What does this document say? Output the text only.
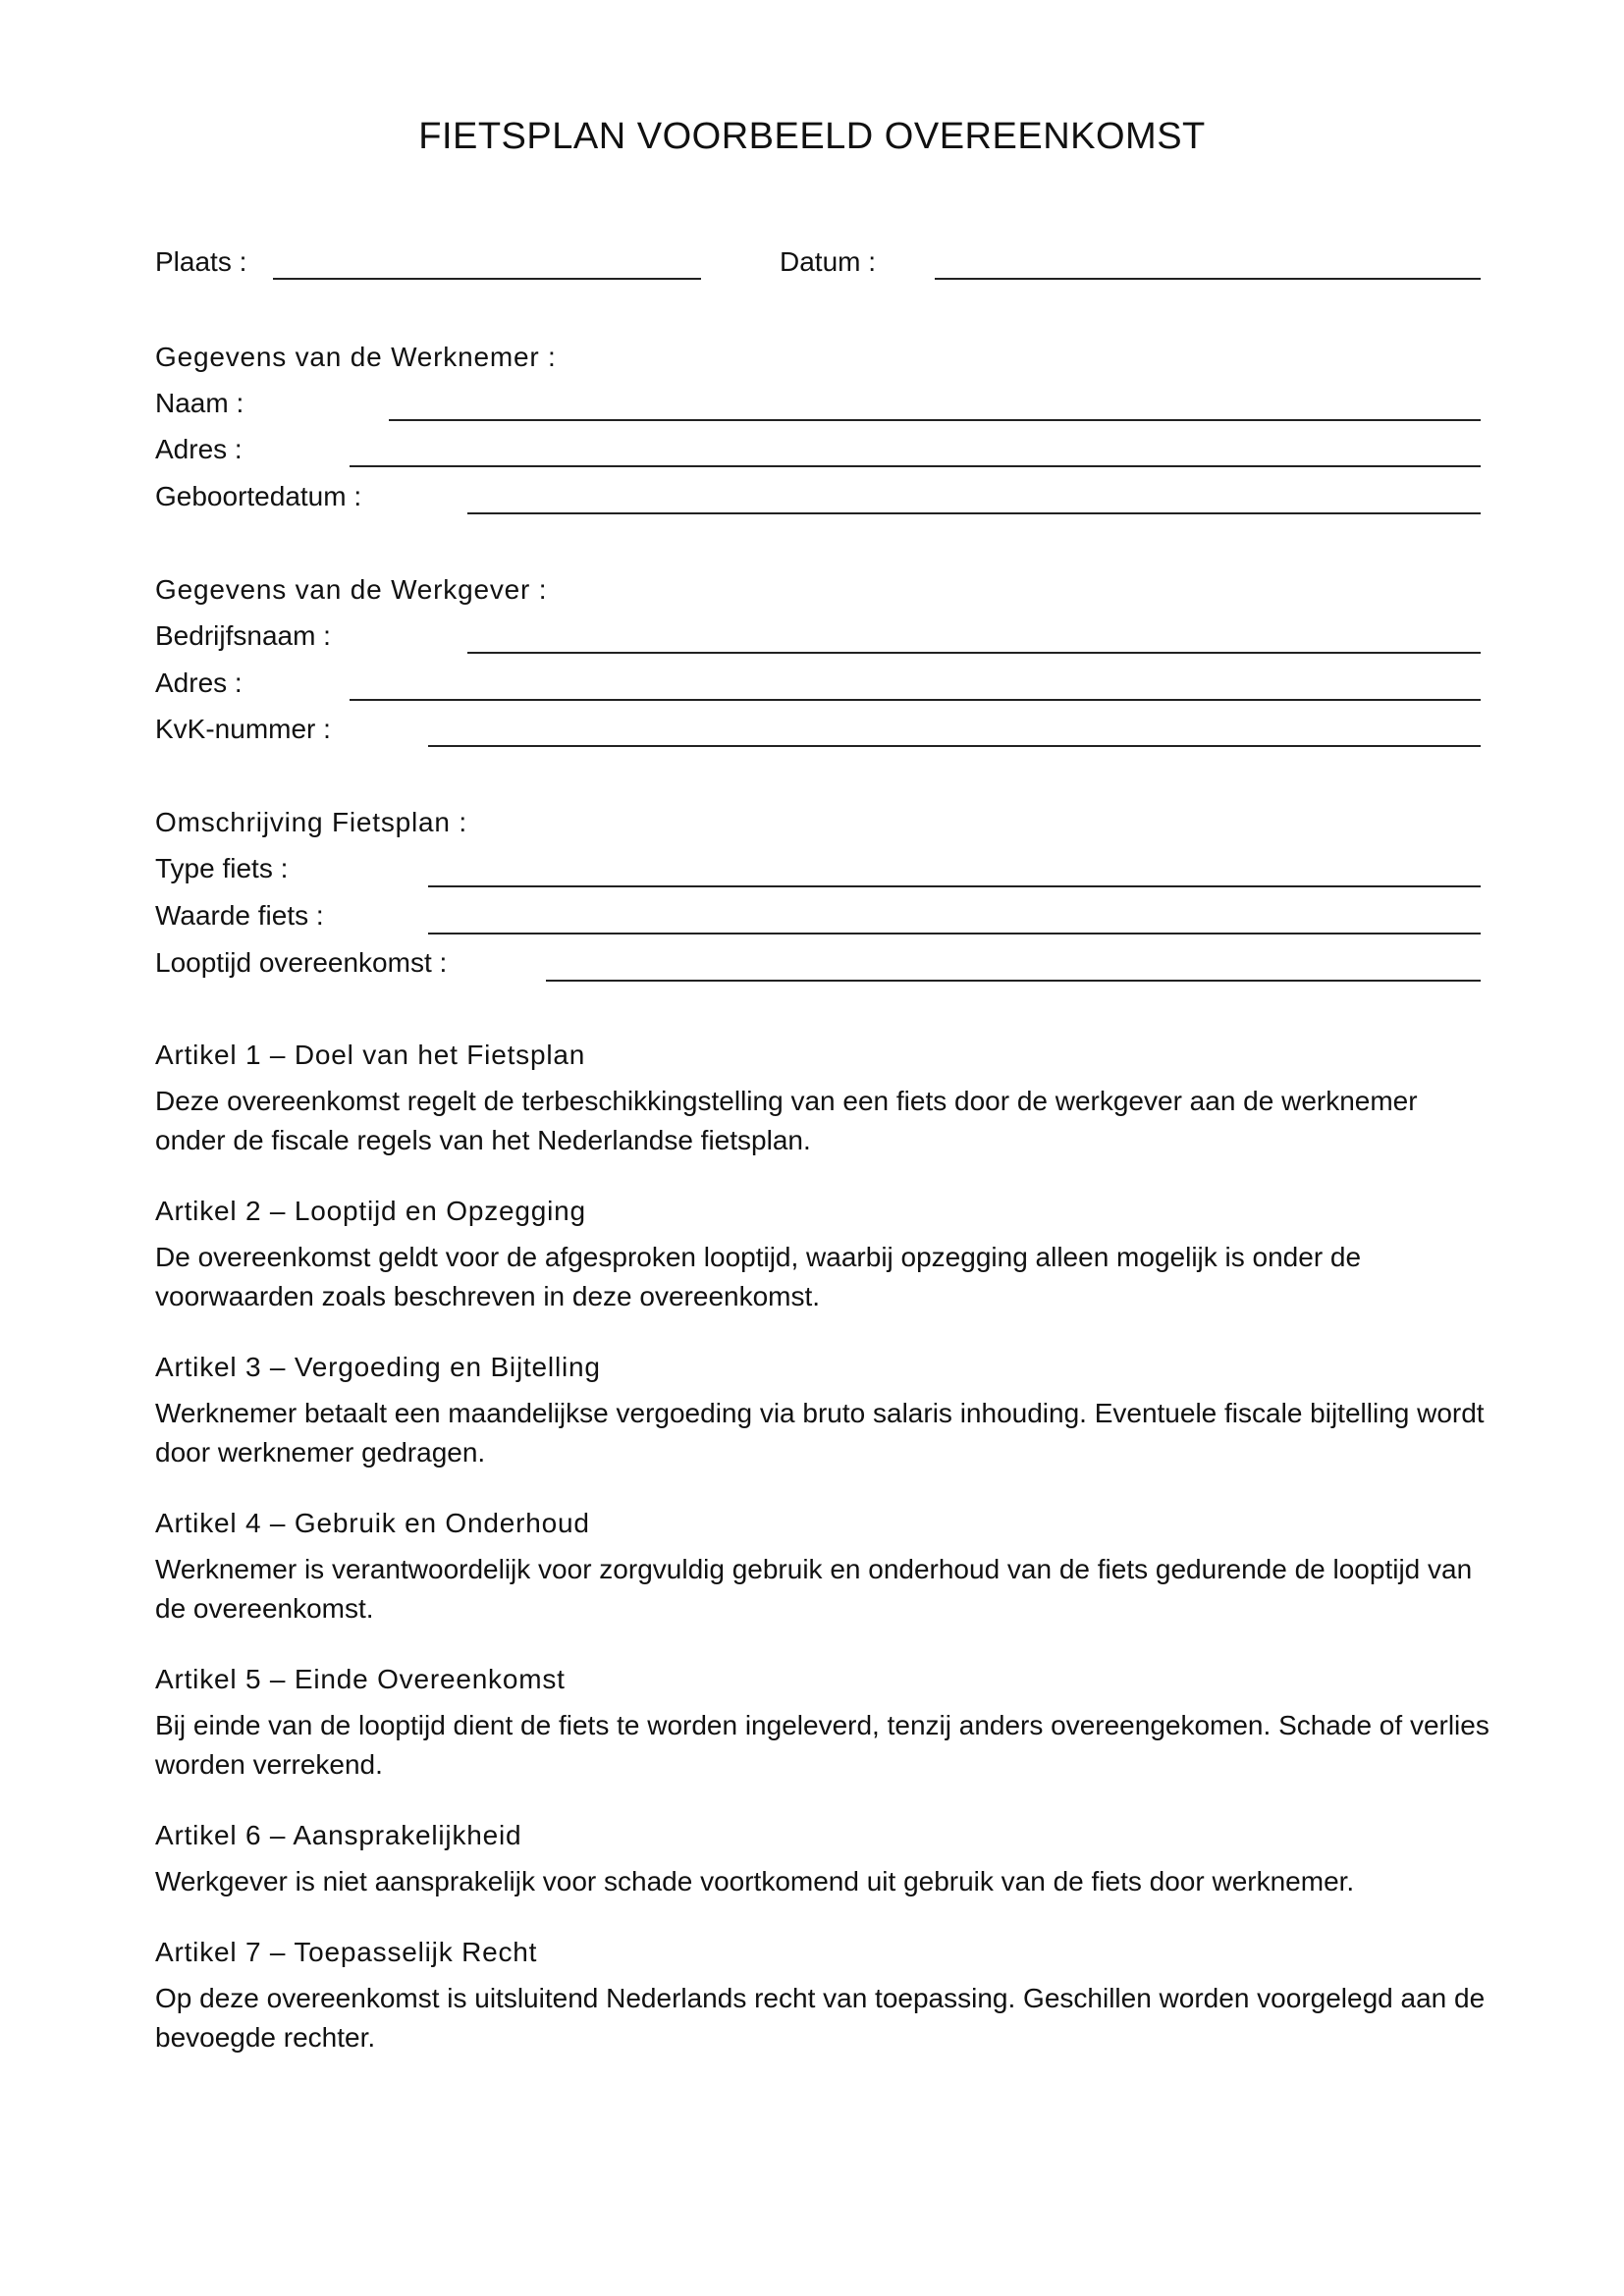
FIETSPLAN VOORBEELD OVEREENKOMST
Plaats :	Datum :
Gegevens van de Werknemer :
Naam :
Adres :
Geboortedatum :
Gegevens van de Werkgever :
Bedrijfsnaam :
Adres :
KvK-nummer :
Omschrijving Fietsplan :
Type fiets :
Waarde fiets :
Looptijd overeenkomst :
Artikel 1 – Doel van het Fietsplan

Deze overeenkomst regelt de terbeschikkingstelling van een fiets door de werkgever aan de werknemer onder de fiscale regels van het Nederlandse fietsplan.

Artikel 2 – Looptijd en Opzegging

De overeenkomst geldt voor de afgesproken looptijd, waarbij opzegging alleen mogelijk is onder de voorwaarden zoals beschreven in deze overeenkomst.

Artikel 3 – Vergoeding en Bijtelling

Werknemer betaalt een maandelijkse vergoeding via bruto salaris inhouding. Eventuele fiscale bijtelling wordt door werknemer gedragen.

Artikel 4 – Gebruik en Onderhoud

Werknemer is verantwoordelijk voor zorgvuldig gebruik en onderhoud van de fiets gedurende de looptijd van de overeenkomst.

Artikel 5 – Einde Overeenkomst

Bij einde van de looptijd dient de fiets te worden ingeleverd, tenzij anders overeengekomen. Schade of verlies worden verrekend.

Artikel 6 – Aansprakelijkheid

Werkgever is niet aansprakelijk voor schade voortkomend uit gebruik van de fiets door werknemer.

Artikel 7 – Toepasselijk Recht

Op deze overeenkomst is uitsluitend Nederlands recht van toepassing. Geschillen worden voorgelegd aan de bevoegde rechter.
